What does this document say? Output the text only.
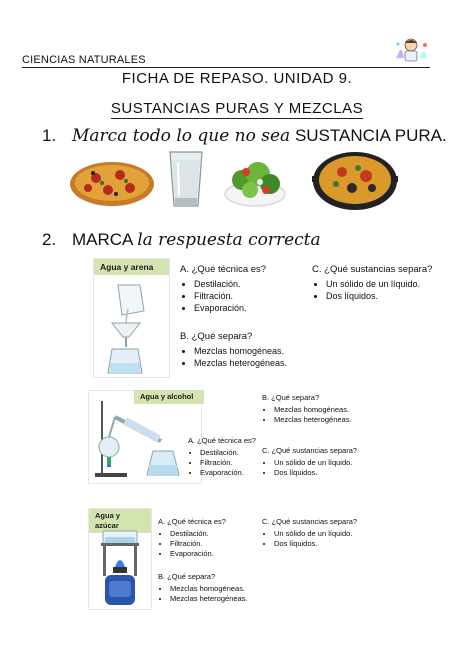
CIENCIAS NATURALES
FICHA DE REPASO. UNIDAD 9.
SUSTANCIAS PURAS Y MEZCLAS
1. Marca todo lo que no sea SUSTANCIA PURA.
2. MARCA la respuesta correcta
Agua y arena	A. ¿Qué técnica es?
• Destilación.
• Filtración.
• Evaporación.
B. ¿Qué separa?
• Mezclas homogéneas.
• Mezclas heterogéneas.
C. ¿Qué sustancias separa?
• Un sólido de un líquido.
• Dos líquidos.
Agua y alcohol
A. ¿Qué técnica es?
• Destilación.
• Filtración.
• Evaporación.
B. ¿Qué separa?
• Mezclas homogéneas.
• Mezclas heterogéneas.
C. ¿Qué sustancias separa?
• Un sólido de un líquido.
• Dos líquidos.
Agua y azúcar	A. ¿Qué técnica es?
• Destilación.
• Filtración.
• Evaporación.
B. ¿Qué separa?
• Mezclas homogéneas.
• Mezclas heterogéneas.
C. ¿Qué sustancias separa?
• Un sólido de un líquido.
• Dos líquidos.
